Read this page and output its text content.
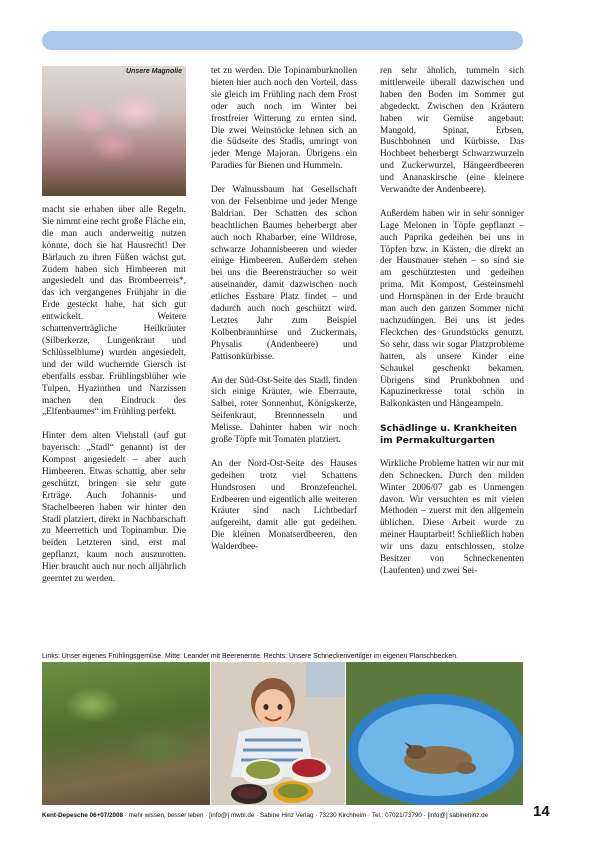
Unsere Magnolie

macht sie erhaben über alle Regeln. Sie nimmt eine recht große Fläche ein, die man auch anderweitig nutzen könnte, doch sie hat Hausrecht! Der Bärlauch zu ihren Füßen wächst gut. Zudem haben sich Himbeeren mit angesiedelt und das Brombeerreis*, das ich vergangenes Frühjahr in die Erde gesteckt habe, hat sich gut entwickelt. Weitere schattenverträgliche Heilkräuter (Silberkerze, Lungenkraut und Schlüsselblume) wurden angesiedelt, und der wild wuchernde Giersch ist ebenfalls essbar. Frühlingsblüher wie Tulpen, Hyazinthen und Narzissen machen den Eindruck des „Elfenbaumes“ im Frühling perfekt.

Hinter dem alten Viehstall (auf gut bayerisch: „Stadl“ genannt) ist der Kompost angesiedelt – aber auch Himbeeren. Etwas schattig, aber sehr geschützt, bringen sie sehr gute Erträge. Auch Johannis- und Stachelbeeren haben wir hinter den Stadl platziert, direkt in Nachbarschaft zu Meerrettich und Topinambur. Die beiden Letzteren sind, erst mal gepflanzt, kaum noch auszurotten. Hier braucht auch nur noch alljährlich geerntet zu werden.

tet zu werden. Die Topinamburknollen bieten hier auch noch den Vorteil, dass sie gleich im Frühling nach dem Frost oder auch noch im Winter bei frostfreier Witterung zu ernten sind. Die zwei Weinstöcke lehnen sich an die Südseite des Stadls, umringt von jeder Menge Majoran. Übrigens ein Paradies für Bienen und Hummeln.

Der Walnussbaum hat Gesellschaft von der Felsenbirne und jeder Menge Baldrian. Der Schatten des schon beachtlichen Baumes beherbergt aber auch noch Rhabarber, eine Wildrose, schwarze Johannisbeeren und wieder einige Himbeeren. Außerdem stehen bei uns die Beerensträucher so weit auseinander, damit dazwischen noch etliches Essbare Platz findet – und dadurch auch noch geschützt wird. Letztes Jahr zum Beispiel Kolbenbraunhirse und Zuckermais, Physalis (Andenbeere) und Pattisonkürbisse.

An der Süd-Ost-Seite des Stadl, finden sich einige Kräuter, wie Eberraute, Salbei, roter Sonnenhut, Königskerze, Seifenkraut, Brennnesseln und Melisse. Dahinter haben wir noch große Töpfe mit Tomaten platziert.

An der Nord-Ost-Seite des Hauses gedeihen trotz viel Schattens Hundsrosen und Bronzefenchel. Erdbeeren und eigentlich alle weiteren Kräuter sind nach Lichtbedarf aufgereiht, damit alle gut gedeihen. Die kleinen Monatserdbeeren, den Walderdbee-

ren sehr ähnlich, tummeln sich mittlerweile überall dazwischen und haben den Boden im Sommer gut abgedeckt. Zwischen den Kräutern haben wir Gemüse angebaut: Mangold, Spinat, Erbsen, Buschbohnen und Kürbisse. Das Hochbeet beherbergt Schwarzwurzeln und Zuckerwurzel, Hängeerdbeeren und Ananaskirsche (eine kleinere Verwandte der Andenbeere).

Außerdem haben wir in sehr sonniger Lage Melonen in Töpfe gepflanzt – auch Paprika gedeihen bei uns in Töpfen bzw. in Kästen, die direkt an der Hausmauer stehen – so sind sie am geschütztesten und gedeihen prima. Mit Kompost, Gesteinsmehl und Hornspänen in der Erde braucht man auch den ganzen Sommer nicht nachzudüngen. Bei uns ist jedes Fleckchen des Grundstücks genutzt. So sehr, dass wir sogar Platzprobleme hatten, als unsere Kinder eine Schaukel geschenkt bekamen. Übrigens sind Prunkbohnen und Kapuzinerkresse total schön in Balkonkästen und Hängeampeln.

Schädlinge u. Krankheiten im Permakulturgarten

Wirkliche Probleme hatten wir nur mit den Schnecken. Durch den milden Winter 2006/07 gab es Unmengen davon. Wir versuchten es mit vielen Methoden – zuerst mit den allgemein üblichen. Diese Arbeit wurde zu meiner Hauptarbeit! Schließlich haben wir uns dazu entschlossen, stolze Besitzer von Schneckenenten (Laufenten) und zwei Sei-

Links: Unser eigenes Frühlingsgemüse. Mitte: Leander mit Beerenernte. Rechts: Unsere Schneckenvertilger im eigenen Planschbecken.
Kent-Depesche 06+07/2008 · mehr wissen, besser leben · [info@] mwbl.de · Sabine Hinz Verlag · 73230 Kirchheim · Tel.: 07021/73790 · [info@] sabinehinz.de	14
